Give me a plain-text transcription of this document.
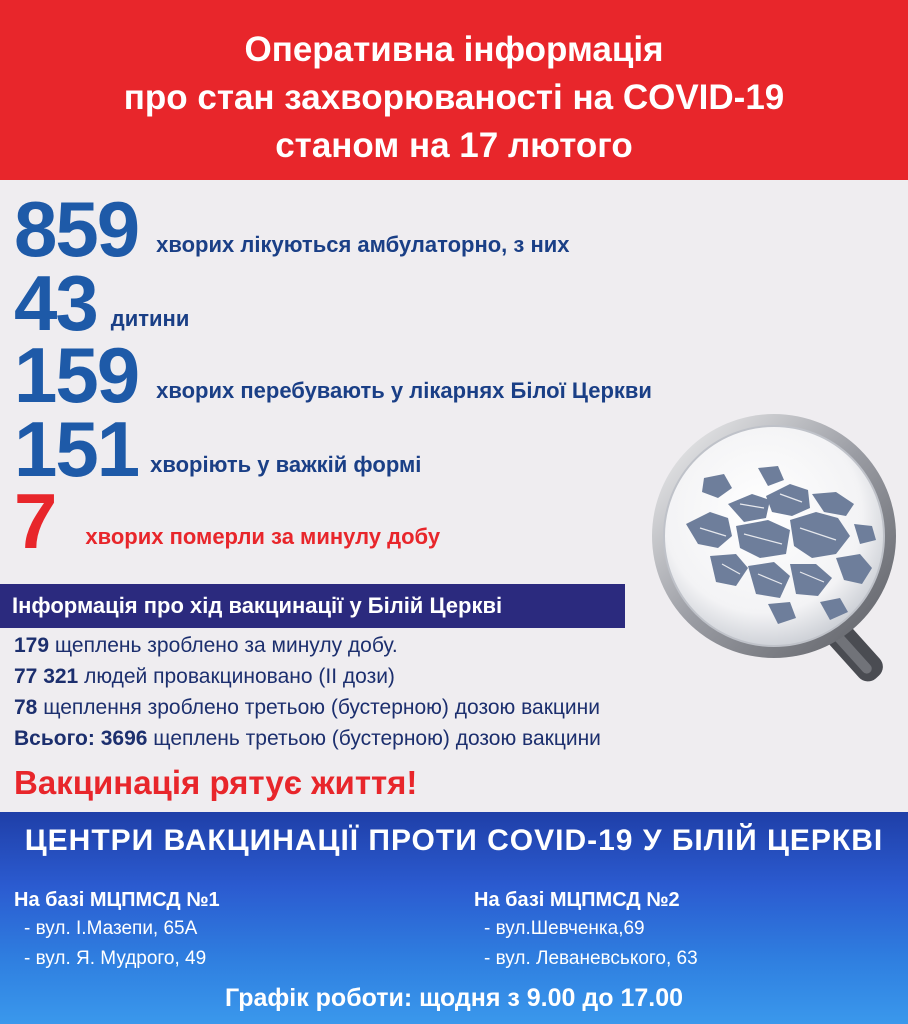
Оперативна інформація
про стан захворюваності на COVID-19
станом на 17 лютого
859 хворих лікуються амбулаторно, з них
43 дитини
159 хворих перебувають у лікарнях Білої Церкви
151 хворіють у важкій формі
7 хворих померли за минулу добу
Інформація про хід вакцинації у Білій Церкві
179 щеплень зроблено за минулу добу.
77 321 людей провакциновано (ІІ дози)
78 щеплення зроблено третьою (бустерною) дозою вакцини
Всього: 3696 щеплень третьою (бустерною) дозою вакцини
Вакцинація рятує життя!
ЦЕНТРИ ВАКЦИНАЦІЇ ПРОТИ COVID-19 У БІЛІЙ ЦЕРКВІ
На базі МЦПМСД №1
- вул. І.Мазепи, 65А
- вул. Я. Мудрого, 49
На базі МЦПМСД №2
- вул.Шевченка,69
- вул. Леваневського, 63
Графік роботи: щодня з 9.00 до 17.00
